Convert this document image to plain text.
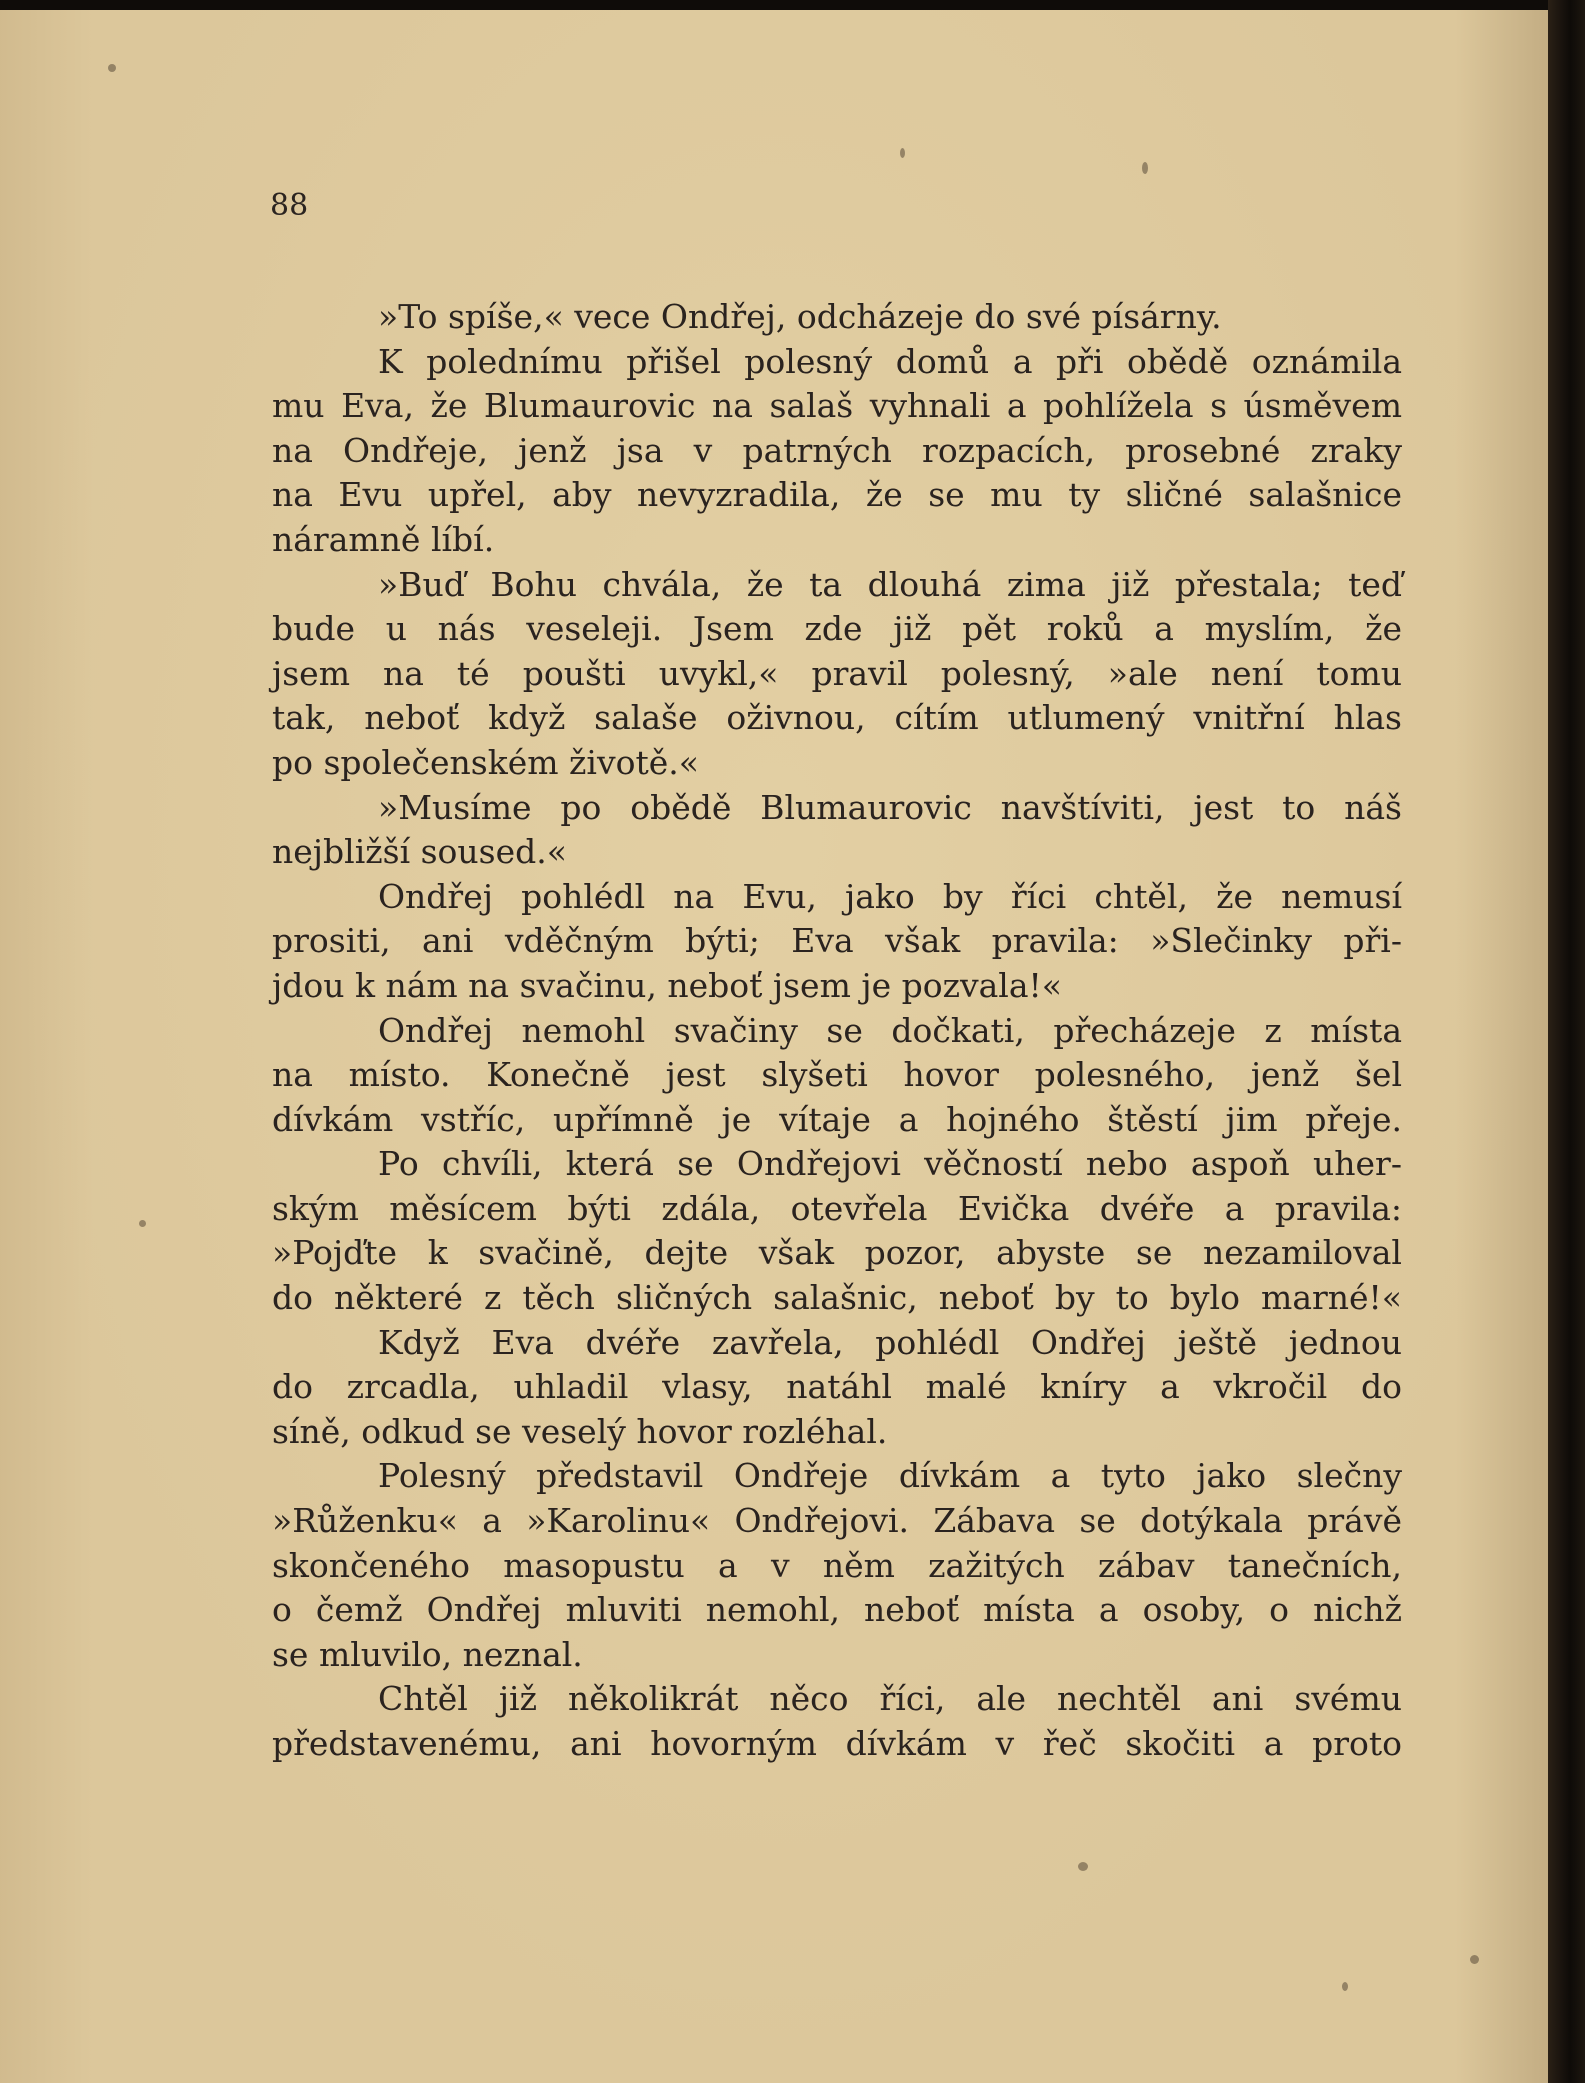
88
»To spíše,« vece Ondřej, odcházeje do své písárny.
K polednímu přišel polesný domů a při obědě oznámila
mu Eva, že Blumaurovic na salaš vyhnali a pohlížela s úsměvem
na Ondřeje, jenž jsa v patrných rozpacích, prosebné zraky
na Evu upřel, aby nevyzradila, že se mu ty sličné salašnice
náramně líbí.
»Buď Bohu chvála, že ta dlouhá zima již přestala; teď
bude u nás veseleji. Jsem zde již pět roků a myslím, že
jsem na té poušti uvykl,« pravil polesný, »ale není tomu
tak, neboť když salaše oživnou, cítím utlumený vnitřní hlas
po společenském životě.«
»Musíme po obědě Blumaurovic navštíviti, jest to náš
nejbližší soused.«
Ondřej pohlédl na Evu, jako by říci chtěl, že nemusí
prositi, ani vděčným býti; Eva však pravila: »Slečinky při-
jdou k nám na svačinu, neboť jsem je pozvala!«
Ondřej nemohl svačiny se dočkati, přecházeje z místa
na místo. Konečně jest slyšeti hovor polesného, jenž šel
dívkám vstříc, upřímně je vítaje a hojného štěstí jim přeje.
Po chvíli, která se Ondřejovi věčností nebo aspoň uher-
ským měsícem býti zdála, otevřela Evička dvéře a pravila:
»Pojďte k svačině, dejte však pozor, abyste se nezamiloval
do některé z těch sličných salašnic, neboť by to bylo marné!«
Když Eva dvéře zavřela, pohlédl Ondřej ještě jednou
do zrcadla, uhladil vlasy, natáhl malé kníry a vkročil do
síně, odkud se veselý hovor rozléhal.
Polesný představil Ondřeje dívkám a tyto jako slečny
»Růženku« a »Karolinu« Ondřejovi. Zábava se dotýkala právě
skončeného masopustu a v něm zažitých zábav tanečních,
o čemž Ondřej mluviti nemohl, neboť místa a osoby, o nichž
se mluvilo, neznal.
Chtěl již několikrát něco říci, ale nechtěl ani svému
představenému, ani hovorným dívkám v řeč skočiti a proto
